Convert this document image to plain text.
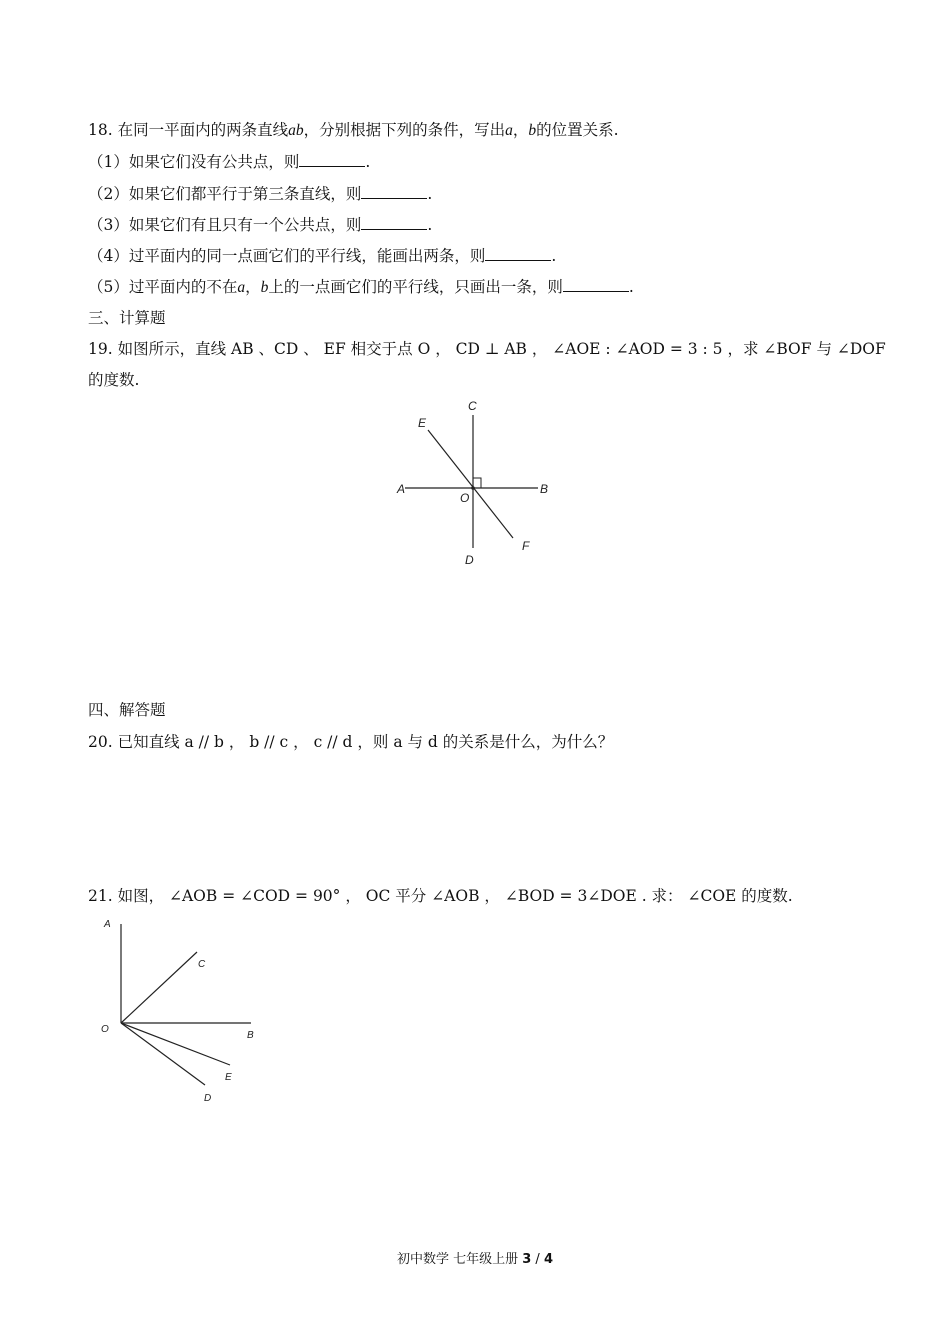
18. 在同一平面内的两条直线ab，分别根据下列的条件，写出a，b的位置关系.
（1）如果它们没有公共点，则	.
（2）如果它们都平行于第三条直线，则	.
（3）如果它们有且只有一个公共点，则	.
（4）过平面内的同一点画它们的平行线，能画出两条，则	.
（5）过平面内的不在a，b上的一点画它们的平行线，只画出一条，则	.
三、计算题
19. 如图所示，直线 AB 、CD 、 EF 相交于点 O ， CD ⊥ AB ， ∠AOE : ∠AOD = 3 : 5 ，求 ∠BOF 与 ∠DOF
的度数.
A	B
C
D
E
F
O
四、解答题
20. 已知直线 a // b ， b // c ， c // d ，则 a 与 d 的关系是什么，为什么？
21. 如图， ∠AOB = ∠COD = 90° ， OC 平分 ∠AOB ， ∠BOD = 3∠DOE . 求： ∠COE 的度数.
A
B
C
D
E
O
初中数学 七年级上册 3 / 4
